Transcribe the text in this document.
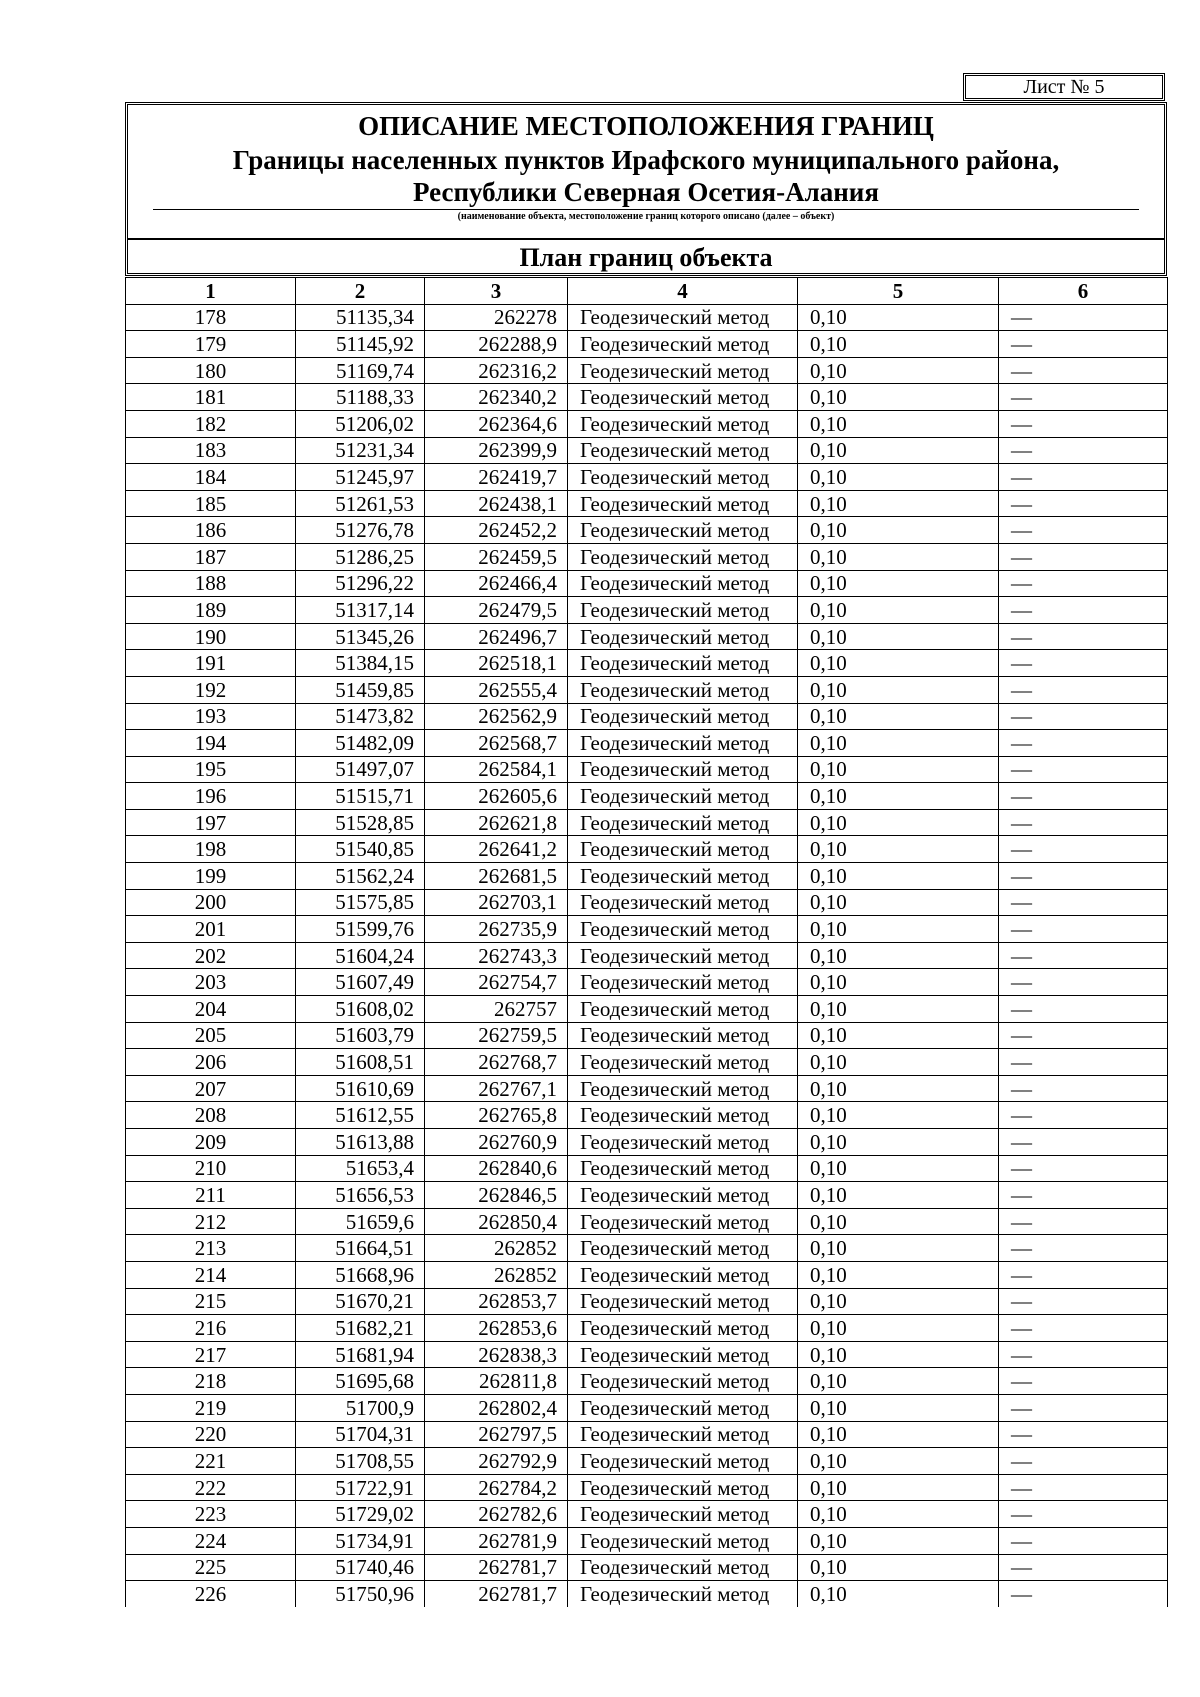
Лист № 5
ОПИСАНИЕ МЕСТОПОЛОЖЕНИЯ ГРАНИЦ
Границы населенных пунктов Ирафского муниципального района,
Республики Северная Осетия-Алания
(наименование объекта, местоположение границ которого описано (далее – объект)
План границ объекта
1	2	3	4	5	6
178	51135,34	262278	Геодезический метод	0,10	—
179	51145,92	262288,9	Геодезический метод	0,10	—
180	51169,74	262316,2	Геодезический метод	0,10	—
181	51188,33	262340,2	Геодезический метод	0,10	—
182	51206,02	262364,6	Геодезический метод	0,10	—
183	51231,34	262399,9	Геодезический метод	0,10	—
184	51245,97	262419,7	Геодезический метод	0,10	—
185	51261,53	262438,1	Геодезический метод	0,10	—
186	51276,78	262452,2	Геодезический метод	0,10	—
187	51286,25	262459,5	Геодезический метод	0,10	—
188	51296,22	262466,4	Геодезический метод	0,10	—
189	51317,14	262479,5	Геодезический метод	0,10	—
190	51345,26	262496,7	Геодезический метод	0,10	—
191	51384,15	262518,1	Геодезический метод	0,10	—
192	51459,85	262555,4	Геодезический метод	0,10	—
193	51473,82	262562,9	Геодезический метод	0,10	—
194	51482,09	262568,7	Геодезический метод	0,10	—
195	51497,07	262584,1	Геодезический метод	0,10	—
196	51515,71	262605,6	Геодезический метод	0,10	—
197	51528,85	262621,8	Геодезический метод	0,10	—
198	51540,85	262641,2	Геодезический метод	0,10	—
199	51562,24	262681,5	Геодезический метод	0,10	—
200	51575,85	262703,1	Геодезический метод	0,10	—
201	51599,76	262735,9	Геодезический метод	0,10	—
202	51604,24	262743,3	Геодезический метод	0,10	—
203	51607,49	262754,7	Геодезический метод	0,10	—
204	51608,02	262757	Геодезический метод	0,10	—
205	51603,79	262759,5	Геодезический метод	0,10	—
206	51608,51	262768,7	Геодезический метод	0,10	—
207	51610,69	262767,1	Геодезический метод	0,10	—
208	51612,55	262765,8	Геодезический метод	0,10	—
209	51613,88	262760,9	Геодезический метод	0,10	—
210	51653,4	262840,6	Геодезический метод	0,10	—
211	51656,53	262846,5	Геодезический метод	0,10	—
212	51659,6	262850,4	Геодезический метод	0,10	—
213	51664,51	262852	Геодезический метод	0,10	—
214	51668,96	262852	Геодезический метод	0,10	—
215	51670,21	262853,7	Геодезический метод	0,10	—
216	51682,21	262853,6	Геодезический метод	0,10	—
217	51681,94	262838,3	Геодезический метод	0,10	—
218	51695,68	262811,8	Геодезический метод	0,10	—
219	51700,9	262802,4	Геодезический метод	0,10	—
220	51704,31	262797,5	Геодезический метод	0,10	—
221	51708,55	262792,9	Геодезический метод	0,10	—
222	51722,91	262784,2	Геодезический метод	0,10	—
223	51729,02	262782,6	Геодезический метод	0,10	—
224	51734,91	262781,9	Геодезический метод	0,10	—
225	51740,46	262781,7	Геодезический метод	0,10	—
226	51750,96	262781,7	Геодезический метод	0,10	—
